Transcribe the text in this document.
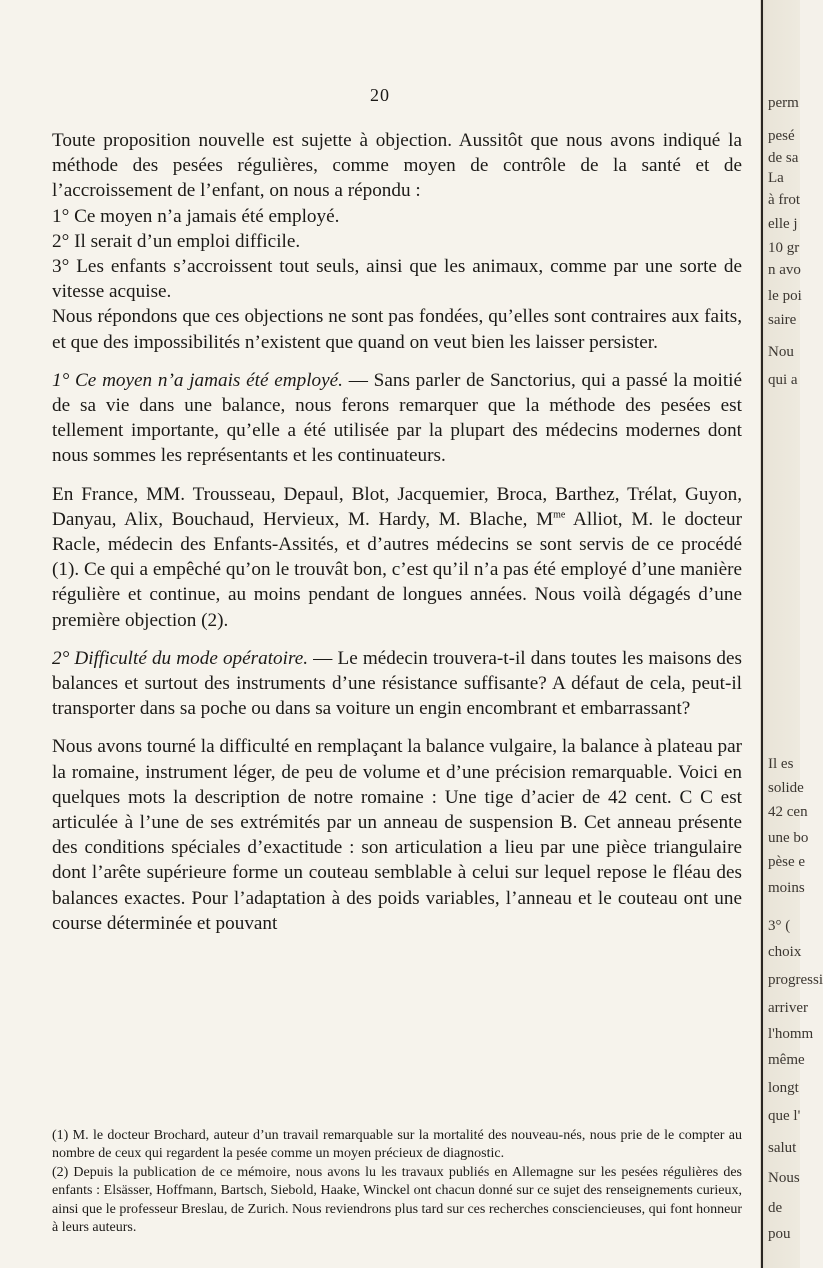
20

Toute proposition nouvelle est sujette à objection. Aussitôt que nous avons indiqué la méthode des pesées régulières, comme moyen de contrôle de la santé et de l’accroissement de l’enfant, on nous a répondu :

1° Ce moyen n’a jamais été employé.

2° Il serait d’un emploi difficile.

3° Les enfants s’accroissent tout seuls, ainsi que les animaux, comme par une sorte de vitesse acquise.

Nous répondons que ces objections ne sont pas fondées, qu’elles sont contraires aux faits, et que des impossibilités n’existent que quand on veut bien les laisser persister.

1° Ce moyen n’a jamais été employé. — Sans parler de Sanctorius, qui a passé la moitié de sa vie dans une balance, nous ferons remarquer que la méthode des pesées est tellement importante, qu’elle a été utilisée par la plupart des médecins modernes dont nous sommes les représentants et les continuateurs.

En France, MM. Trousseau, Depaul, Blot, Jacquemier, Broca, Barthez, Trélat, Guyon, Danyau, Alix, Bouchaud, Hervieux, M. Hardy, M. Blache, $M^{me}$ Alliot, M. le docteur Racle, médecin des Enfants-Assités, et d’autres médecins se sont servis de ce procédé (1). Ce qui a empêché qu’on le trouvât bon, c’est qu’il n’a pas été employé d’une manière régulière et continue, au moins pendant de longues années. Nous voilà dégagés d’une première objection (2).

2° Difficulté du mode opératoire. — Le médecin trouvera-t-il dans toutes les maisons des balances et surtout des instruments d’une résistance suffisante? A défaut de cela, peut-il transporter dans sa poche ou dans sa voiture un engin encombrant et embarrassant?

Nous avons tourné la difficulté en remplaçant la balance vulgaire, la balance à plateau par la romaine, instrument léger, de peu de volume et d’une précision remarquable. Voici en quelques mots la description de notre romaine : Une tige d’acier de 42 cent. C C est articulée à l’une de ses extrémités par un anneau de suspension B. Cet anneau présente des conditions spéciales d’exactitude : son articulation a lieu par une pièce triangulaire dont l’arête supérieure forme un couteau semblable à celui sur lequel repose le fléau des balances exactes. Pour l’adaptation à des poids variables, l’anneau et le couteau ont une course déterminée et pouvant

(1) M. le docteur Brochard, auteur d’un travail remarquable sur la mortalité des nouveau-nés, nous prie de le compter au nombre de ceux qui regardent la pesée comme un moyen précieux de diagnostic.

(2) Depuis la publication de ce mémoire, nous avons lu les travaux publiés en Allemagne sur les pesées régulières des enfants : Elsässer, Hoffmann, Bartsch, Siebold, Haake, Winckel ont chacun donné sur ce sujet des renseignements curieux, ainsi que le professeur Breslau, de Zurich. Nous reviendrons plus tard sur ces recherches consciencieuses, qui font honneur à leurs auteurs.

perm
pesé
de sa
La
à frot
elle j
10 gr
n avo
le poi
saire
Nou
qui a
Il es
solide
42 cen
une bo
pèse e
moins
3° (
choix
progressi
arriver
l'homm
même
longt
que l'
salut
Nous
de
pou
